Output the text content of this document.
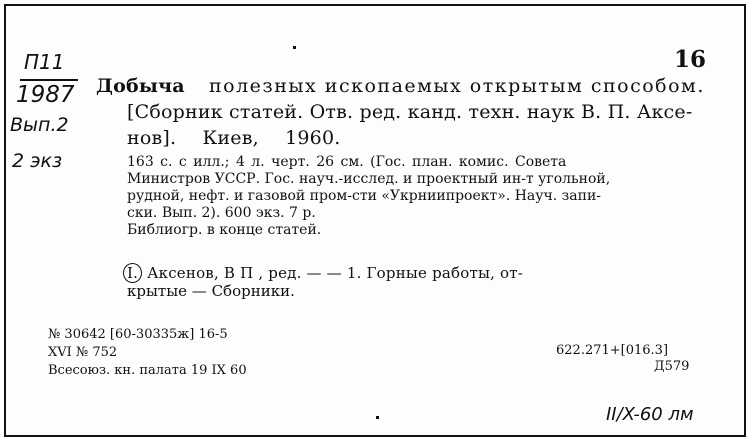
16
П11
1987
Вып.2
2 экз
Добыча полезных ископаемых открытым способом.
[Сборник статей. Отв. ред. канд. техн. наук В. П. Аксе-
нов]. Киев, 1960.
163 с. с илл.; 4 л. черт. 26 см. (Гос. план. комис. Совета
Министров УССР. Гос. науч.-исслед. и проектный ин-т угольной,
рудной, нефт. и газовой пром-сти «Укрниипроект». Науч. запи-
ски. Вып. 2). 600 экз. 7 р.
Библиогр. в конце статей.
I. Аксенов, В П , ред. — — 1. Горные работы, от-
крытые — Сборники.
№ 30642 [60-30335ж] 16-5
XVI № 752
Всесоюз. кн. палата 19 IX 60
622.271+[016.3]
Д579
II/X-60 лм
